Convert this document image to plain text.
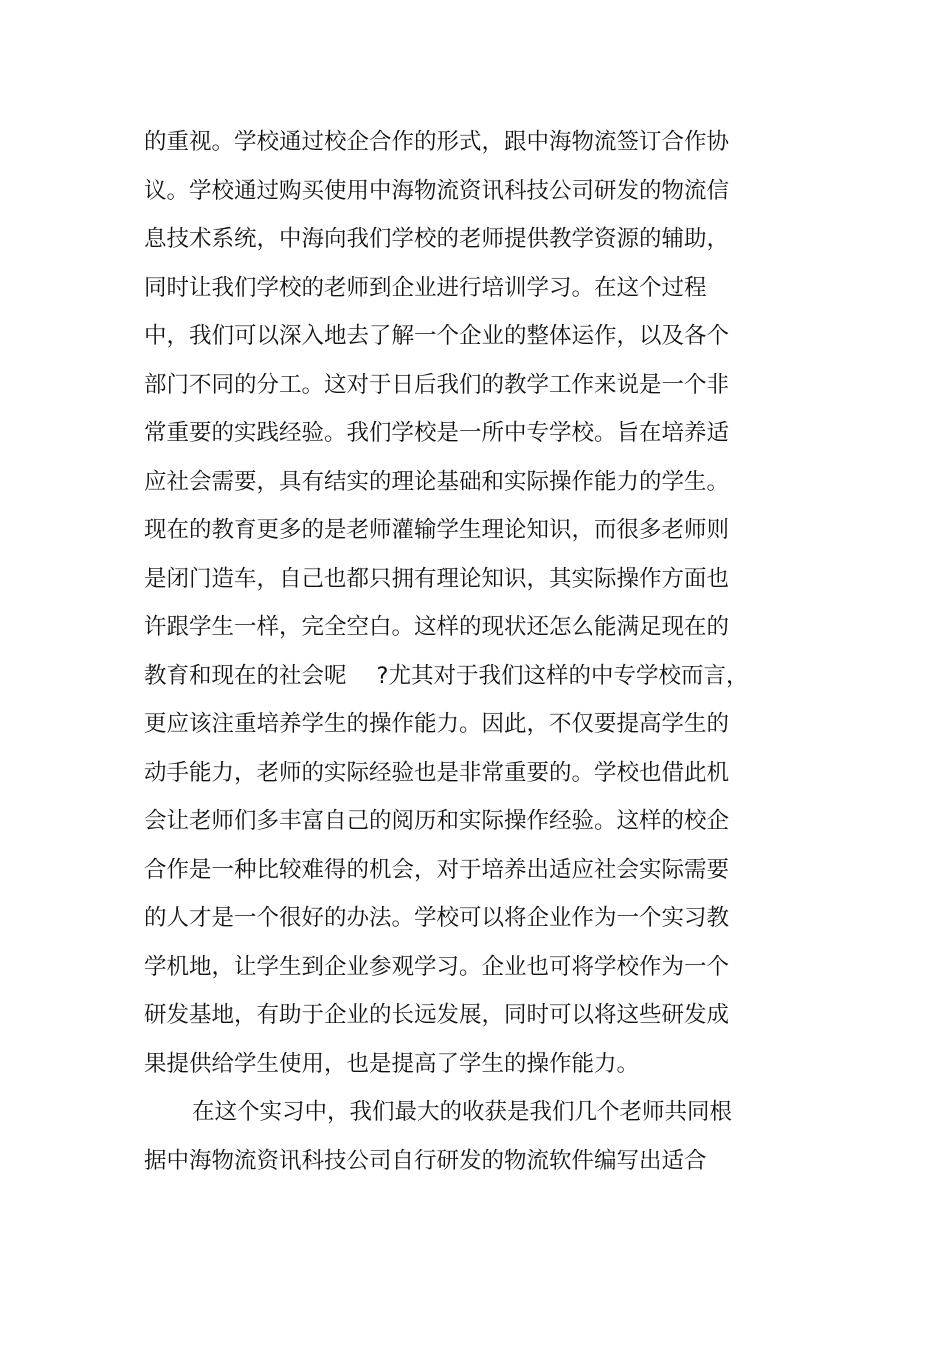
的重视。学校通过校企合作的形式，跟中海物流签订合作协
议。学校通过购买使用中海物流资讯科技公司研发的物流信
息技术系统，中海向我们学校的老师提供教学资源的辅助，
同时让我们学校的老师到企业进行培训学习。在这个过程
中，我们可以深入地去了解一个企业的整体运作，以及各个
部门不同的分工。这对于日后我们的教学工作来说是一个非
常重要的实践经验。我们学校是一所中专学校。旨在培养适
应社会需要，具有结实的理论基础和实际操作能力的学生。
现在的教育更多的是老师灌输学生理论知识，而很多老师则
是闭门造车，自己也都只拥有理论知识，其实际操作方面也
许跟学生一样，完全空白。这样的现状还怎么能满足现在的
教育和现在的社会呢 ?尤其对于我们这样的中专学校而言，
更应该注重培养学生的操作能力。因此，不仅要提高学生的
动手能力，老师的实际经验也是非常重要的。学校也借此机
会让老师们多丰富自己的阅历和实际操作经验。这样的校企
合作是一种比较难得的机会，对于培养出适应社会实际需要
的人才是一个很好的办法。学校可以将企业作为一个实习教
学机地，让学生到企业参观学习。企业也可将学校作为一个
研发基地，有助于企业的长远发展，同时可以将这些研发成
果提供给学生使用，也是提高了学生的操作能力。
在这个实习中，我们最大的收获是我们几个老师共同根
据中海物流资讯科技公司自行研发的物流软件编写出适合
